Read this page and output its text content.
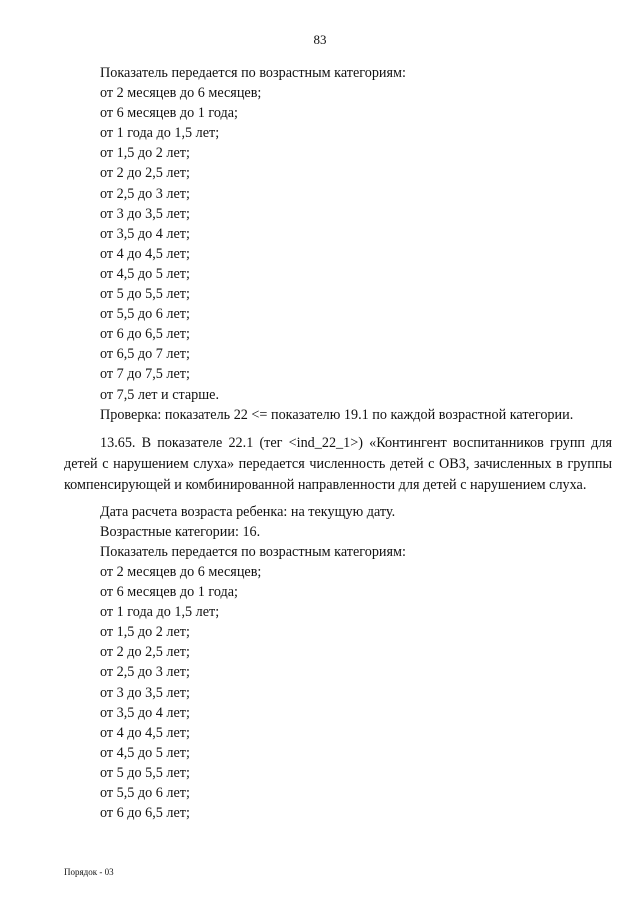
83
Показатель передается по возрастным категориям:
от 2 месяцев до 6 месяцев;
от 6 месяцев до 1 года;
от 1 года до 1,5 лет;
от 1,5 до 2 лет;
от 2 до 2,5 лет;
от 2,5 до 3 лет;
от 3 до 3,5 лет;
от 3,5 до 4 лет;
от 4 до 4,5 лет;
от 4,5 до 5 лет;
от 5 до 5,5 лет;
от 5,5 до 6 лет;
от 6 до 6,5 лет;
от 6,5 до 7 лет;
от 7 до 7,5 лет;
от 7,5 лет и старше.
Проверка: показатель 22 <= показателю 19.1 по каждой возрастной категории.

13.65. В показателе 22.1 (тег <ind_22_1>) «Контингент воспитанников групп для детей с нарушением слуха» передается численность детей с ОВЗ, зачисленных в группы компенсирующей и комбинированной направленности для детей с нарушением слуха.

Дата расчета возраста ребенка: на текущую дату.
Возрастные категории: 16.
Показатель передается по возрастным категориям:
от 2 месяцев до 6 месяцев;
от 6 месяцев до 1 года;
от 1 года до 1,5 лет;
от 1,5 до 2 лет;
от 2 до 2,5 лет;
от 2,5 до 3 лет;
от 3 до 3,5 лет;
от 3,5 до 4 лет;
от 4 до 4,5 лет;
от 4,5 до 5 лет;
от 5 до 5,5 лет;
от 5,5 до 6 лет;
от 6 до 6,5 лет;
Порядок - 03
